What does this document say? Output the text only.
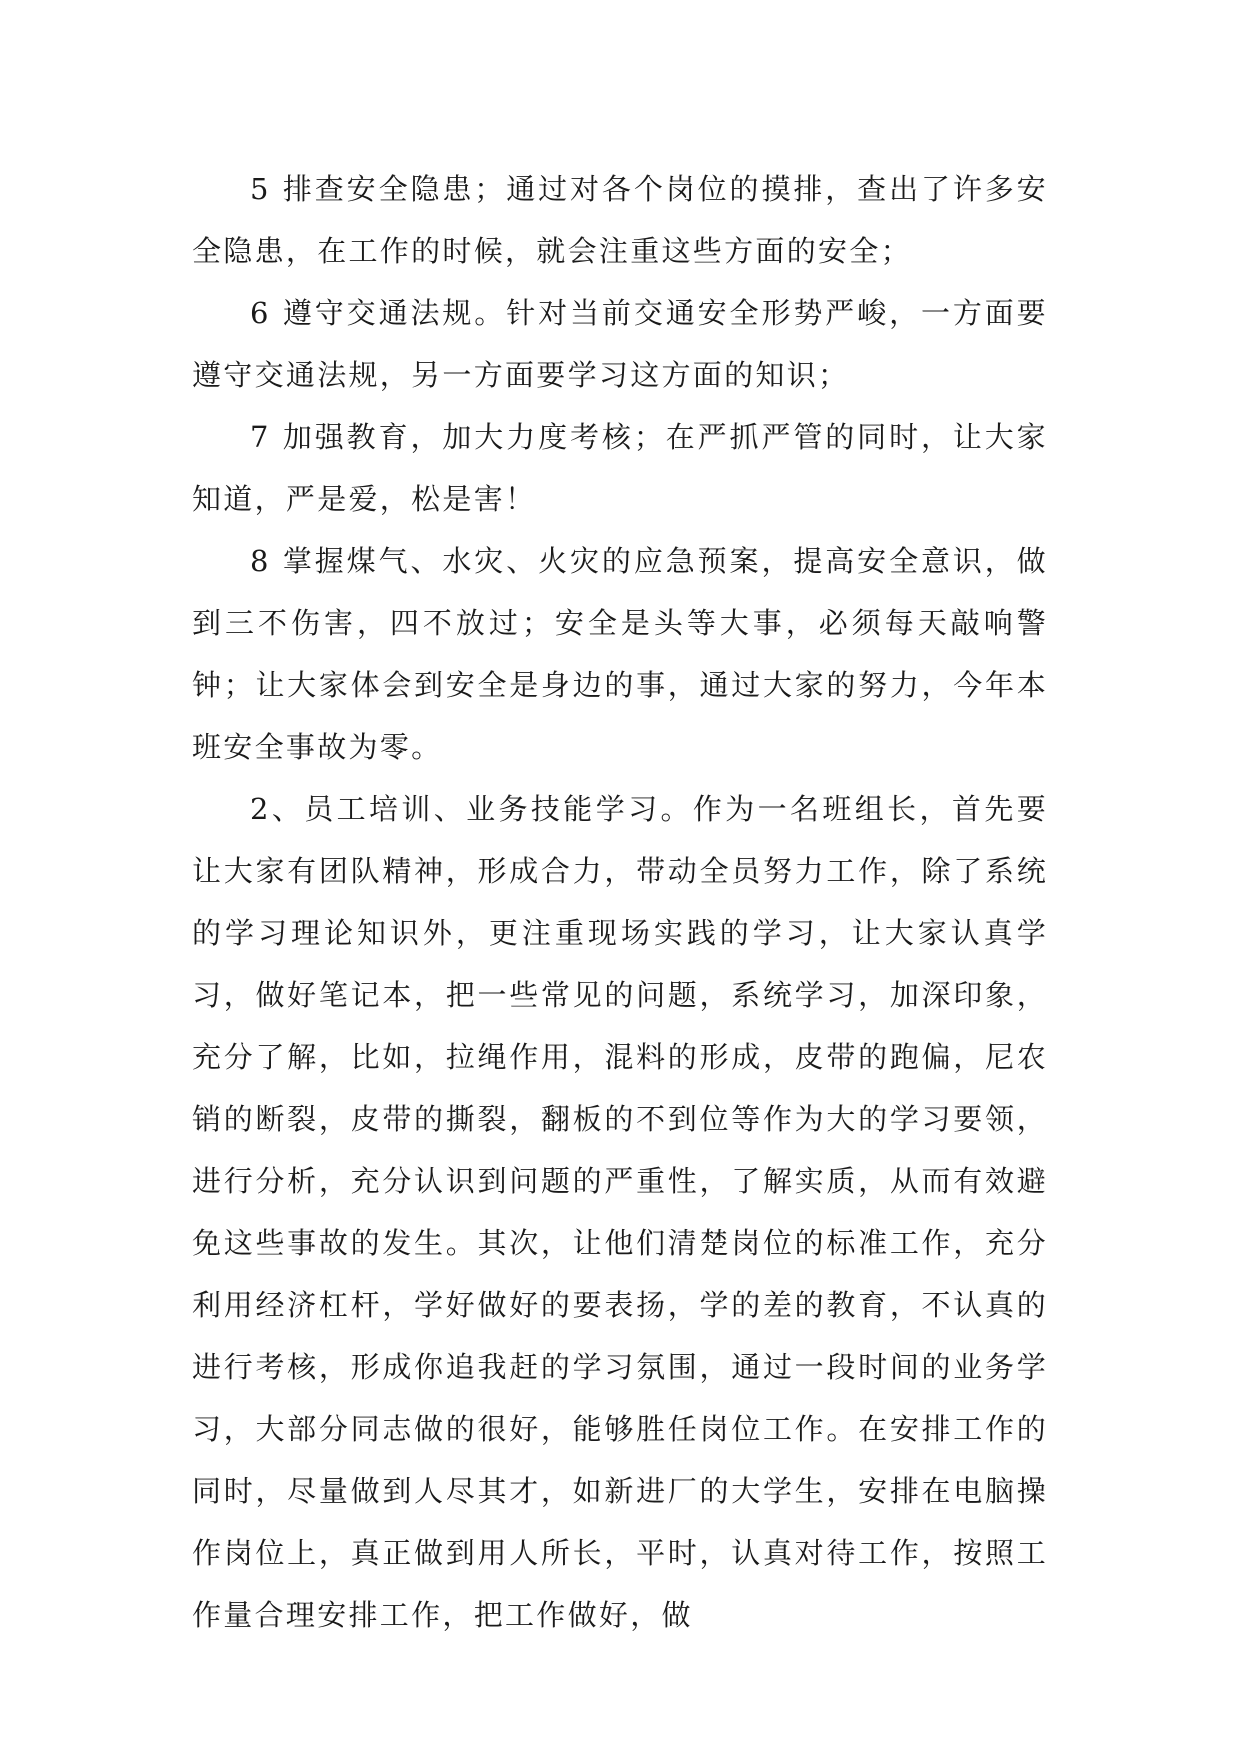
5 排查安全隐患；通过对各个岗位的摸排，查出了许多安全隐患，在工作的时候，就会注重这些方面的安全；

6 遵守交通法规。针对当前交通安全形势严峻，一方面要遵守交通法规，另一方面要学习这方面的知识；

7 加强教育，加大力度考核；在严抓严管的同时，让大家知道，严是爱，松是害！

8 掌握煤气、水灾、火灾的应急预案，提高安全意识，做到三不伤害，四不放过；安全是头等大事，必须每天敲响警钟；让大家体会到安全是身边的事，通过大家的努力，今年本班安全事故为零。

2、员工培训、业务技能学习。作为一名班组长，首先要让大家有团队精神，形成合力，带动全员努力工作，除了系统的学习理论知识外，更注重现场实践的学习，让大家认真学习，做好笔记本，把一些常见的问题，系统学习，加深印象，充分了解，比如，拉绳作用，混料的形成，皮带的跑偏，尼农销的断裂，皮带的撕裂，翻板的不到位等作为大的学习要领，进行分析，充分认识到问题的严重性，了解实质，从而有效避免这些事故的发生。其次，让他们清楚岗位的标准工作，充分利用经济杠杆，学好做好的要表扬，学的差的教育，不认真的进行考核，形成你追我赶的学习氛围，通过一段时间的业务学习，大部分同志做的很好，能够胜任岗位工作。在安排工作的同时，尽量做到人尽其才，如新进厂的大学生，安排在电脑操作岗位上，真正做到用人所长，平时，认真对待工作，按照工作量合理安排工作，把工作做好，做
